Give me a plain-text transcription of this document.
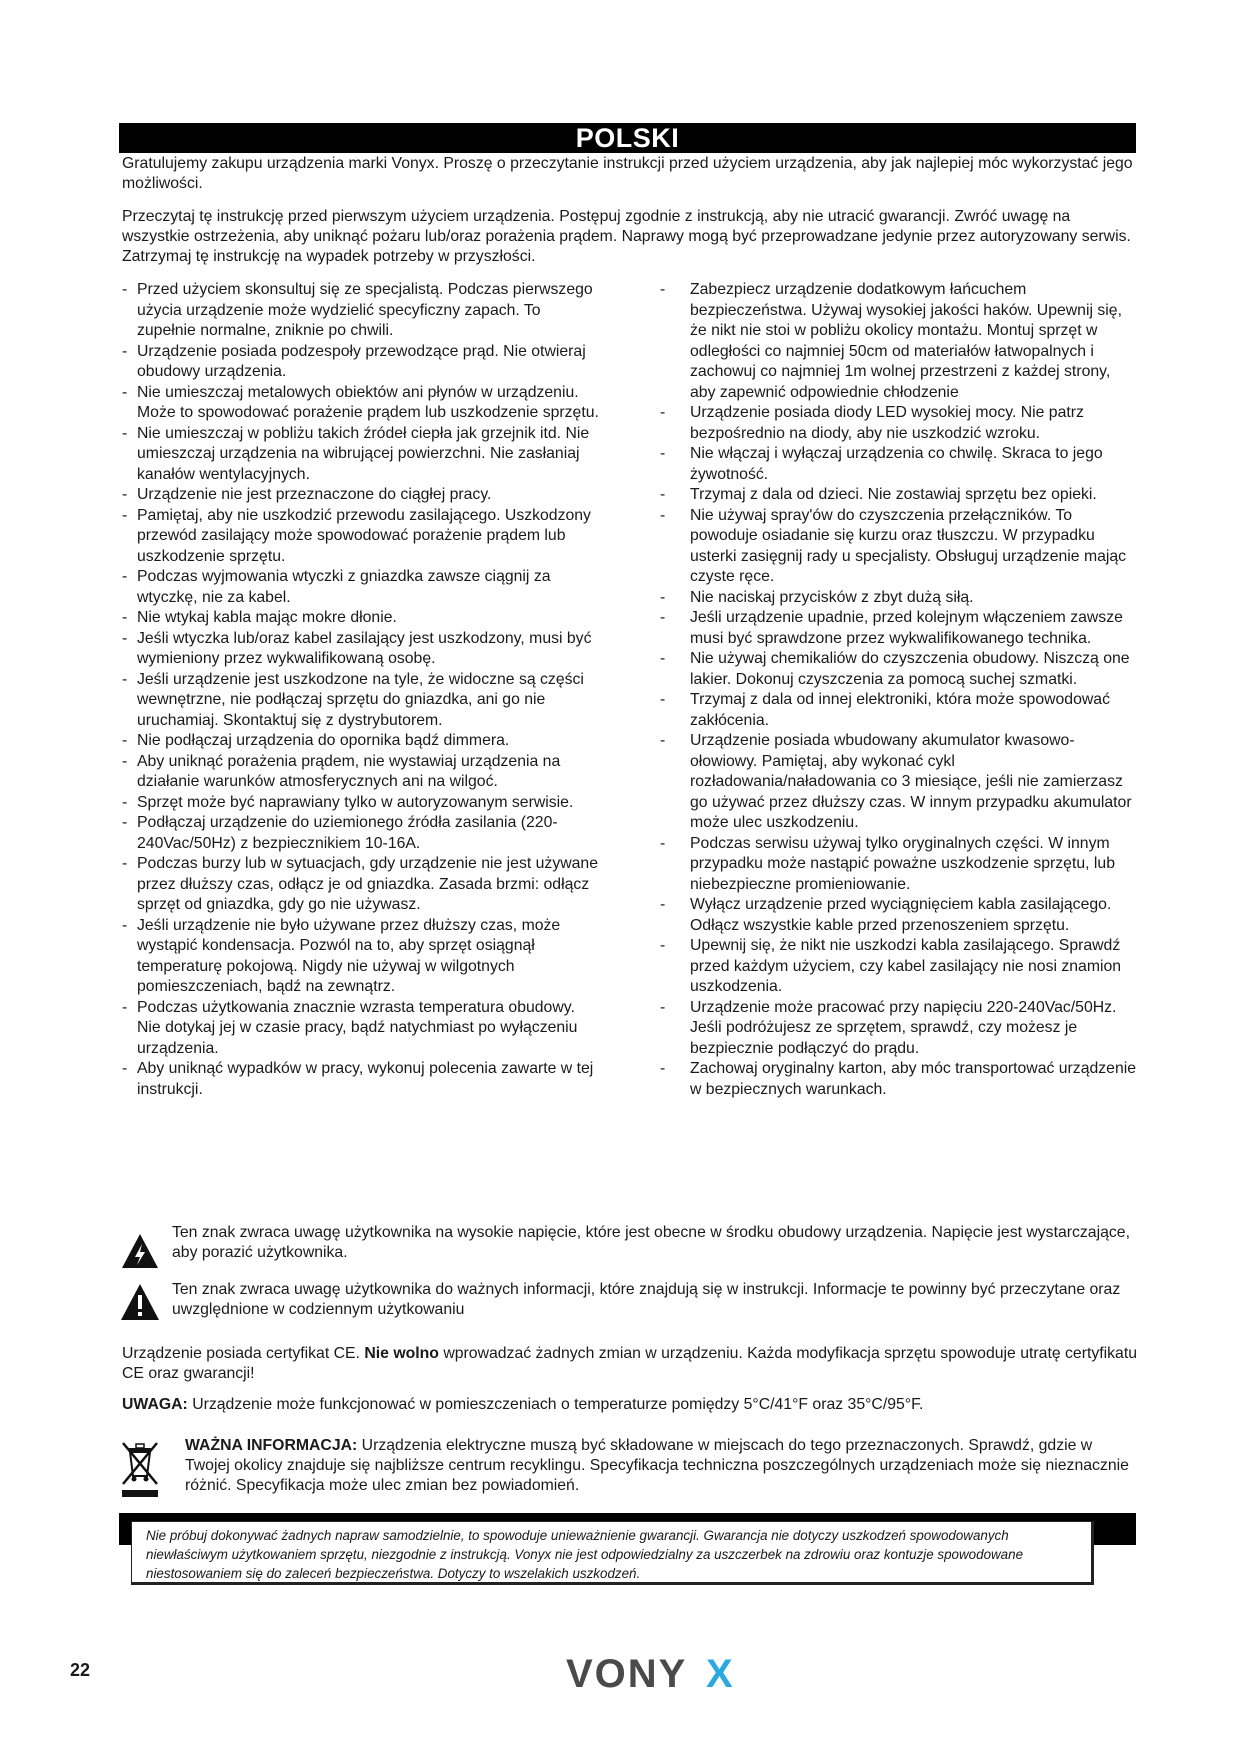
POLSKI

Gratulujemy zakupu urządzenia marki Vonyx. Proszę o przeczytanie instrukcji przed użyciem urządzenia, aby jak najlepiej móc wykorzystać jego możliwości.

Przeczytaj tę instrukcję przed pierwszym użyciem urządzenia. Postępuj zgodnie z instrukcją, aby nie utracić gwarancji. Zwróć uwagę na wszystkie ostrzeżenia, aby uniknąć pożaru lub/oraz porażenia prądem. Naprawy mogą być przeprowadzane jedynie przez autoryzowany serwis. Zatrzymaj tę instrukcję na wypadek potrzeby w przyszłości.

- Przed użyciem skonsultuj się ze specjalistą. Podczas pierwszego użycia urządzenie może wydzielić specyficzny zapach. To zupełnie normalne, zniknie po chwili.
- Urządzenie posiada podzespoły przewodzące prąd. Nie otwieraj obudowy urządzenia.
- Nie umieszczaj metalowych obiektów ani płynów w urządzeniu. Może to spowodować porażenie prądem lub uszkodzenie sprzętu.
- Nie umieszczaj w pobliżu takich źródeł ciepła jak grzejnik itd. Nie umieszczaj urządzenia na wibrującej powierzchni. Nie zasłaniaj kanałów wentylacyjnych.
- Urządzenie nie jest przeznaczone do ciągłej pracy.
- Pamiętaj, aby nie uszkodzić przewodu zasilającego. Uszkodzony przewód zasilający może spowodować porażenie prądem lub uszkodzenie sprzętu.
- Podczas wyjmowania wtyczki z gniazdka zawsze ciągnij za wtyczkę, nie za kabel.
- Nie wtykaj kabla mając mokre dłonie.
- Jeśli wtyczka lub/oraz kabel zasilający jest uszkodzony, musi być wymieniony przez wykwalifikowaną osobę.
- Jeśli urządzenie jest uszkodzone na tyle, że widoczne są części wewnętrzne, nie podłączaj sprzętu do gniazdka, ani go nie uruchamiaj. Skontaktuj się z dystrybutorem.
- Nie podłączaj urządzenia do opornika bądź dimmera.
- Aby uniknąć porażenia prądem, nie wystawiaj urządzenia na działanie warunków atmosferycznych ani na wilgoć.
- Sprzęt może być naprawiany tylko w autoryzowanym serwisie.
- Podłączaj urządzenie do uziemionego źródła zasilania (220-240Vac/50Hz) z bezpiecznikiem 10-16A.
- Podczas burzy lub w sytuacjach, gdy urządzenie nie jest używane przez dłuższy czas, odłącz je od gniazdka. Zasada brzmi: odłącz sprzęt od gniazdka, gdy go nie używasz.
- Jeśli urządzenie nie było używane przez dłuższy czas, może wystąpić kondensacja. Pozwól na to, aby sprzęt osiągnął temperaturę pokojową. Nigdy nie używaj w wilgotnych pomieszczeniach, bądź na zewnątrz.
- Podczas użytkowania znacznie wzrasta temperatura obudowy. Nie dotykaj jej w czasie pracy, bądź natychmiast po wyłączeniu urządzenia.
- Aby uniknąć wypadków w pracy, wykonuj polecenia zawarte w tej instrukcji.
- Zabezpiecz urządzenie dodatkowym łańcuchem bezpieczeństwa. Używaj wysokiej jakości haków. Upewnij się, że nikt nie stoi w pobliżu okolicy montażu. Montuj sprzęt w odległości co najmniej 50cm od materiałów łatwopalnych i zachowuj co najmniej 1m wolnej przestrzeni z każdej strony, aby zapewnić odpowiednie chłodzenie
- Urządzenie posiada diody LED wysokiej mocy. Nie patrz bezpośrednio na diody, aby nie uszkodzić wzroku.
- Nie włączaj i wyłączaj urządzenia co chwilę. Skraca to jego żywotność.
- Trzymaj z dala od dzieci. Nie zostawiaj sprzętu bez opieki.
- Nie używaj spray'ów do czyszczenia przełączników. To powoduje osiadanie się kurzu oraz tłuszczu. W przypadku usterki zasięgnij rady u specjalisty. Obsługuj urządzenie mając czyste ręce.
- Nie naciskaj przycisków z zbyt dużą siłą.
- Jeśli urządzenie upadnie, przed kolejnym włączeniem zawsze musi być sprawdzone przez wykwalifikowanego technika.
- Nie używaj chemikaliów do czyszczenia obudowy. Niszczą one lakier. Dokonuj czyszczenia za pomocą suchej szmatki.
- Trzymaj z dala od innej elektroniki, która może spowodować zakłócenia.
- Urządzenie posiada wbudowany akumulator kwasowo-ołowiowy. Pamiętaj, aby wykonać cykl rozładowania/naładowania co 3 miesiące, jeśli nie zamierzasz go używać przez dłuższy czas. W innym przypadku akumulator może ulec uszkodzeniu.
- Podczas serwisu używaj tylko oryginalnych części. W innym przypadku może nastąpić poważne uszkodzenie sprzętu, lub niebezpieczne promieniowanie.
- Wyłącz urządzenie przed wyciągnięciem kabla zasilającego. Odłącz wszystkie kable przed przenoszeniem sprzętu.
- Upewnij się, że nikt nie uszkodzi kabla zasilającego. Sprawdź przed każdym użyciem, czy kabel zasilający nie nosi znamion uszkodzenia.
- Urządzenie może pracować przy napięciu 220-240Vac/50Hz. Jeśli podróżujesz ze sprzętem, sprawdź, czy możesz je bezpiecznie podłączyć do prądu.
- Zachowaj oryginalny karton, aby móc transportować urządzenie w bezpiecznych warunkach.

Ten znak zwraca uwagę użytkownika na wysokie napięcie, które jest obecne w środku obudowy urządzenia. Napięcie jest wystarczające, aby porazić użytkownika.

Ten znak zwraca uwagę użytkownika do ważnych informacji, które znajdują się w instrukcji. Informacje te powinny być przeczytane oraz uwzględnione w codziennym użytkowaniu

Urządzenie posiada certyfikat CE. Nie wolno wprowadzać żadnych zmian w urządzeniu. Każda modyfikacja sprzętu spowoduje utratę certyfikatu CE oraz gwarancji!

UWAGA: Urządzenie może funkcjonować w pomieszczeniach o temperaturze pomiędzy 5°C/41°F oraz 35°C/95°F.

WAŻNA INFORMACJA: Urządzenia elektryczne muszą być składowane w miejscach do tego przeznaczonych. Sprawdź, gdzie w Twojej okolicy znajduje się najbliższe centrum recyklingu. Specyfikacja techniczna poszczególnych urządzeniach może się nieznacznie różnić. Specyfikacja może ulec zmian bez powiadomień.

Nie próbuj dokonywać żadnych napraw samodzielnie, to spowoduje unieważnienie gwarancji. Gwarancja nie dotyczy uszkodzeń spowodowanych niewłaściwym użytkowaniem sprzętu, niezgodnie z instrukcją. Vonyx nie jest odpowiedzialny za uszczerbek na zdrowiu oraz kontuzje spowodowane niestosowaniem się do zaleceń bezpieczeństwa. Dotyczy to wszelakich uszkodzeń.
22	VONY X
